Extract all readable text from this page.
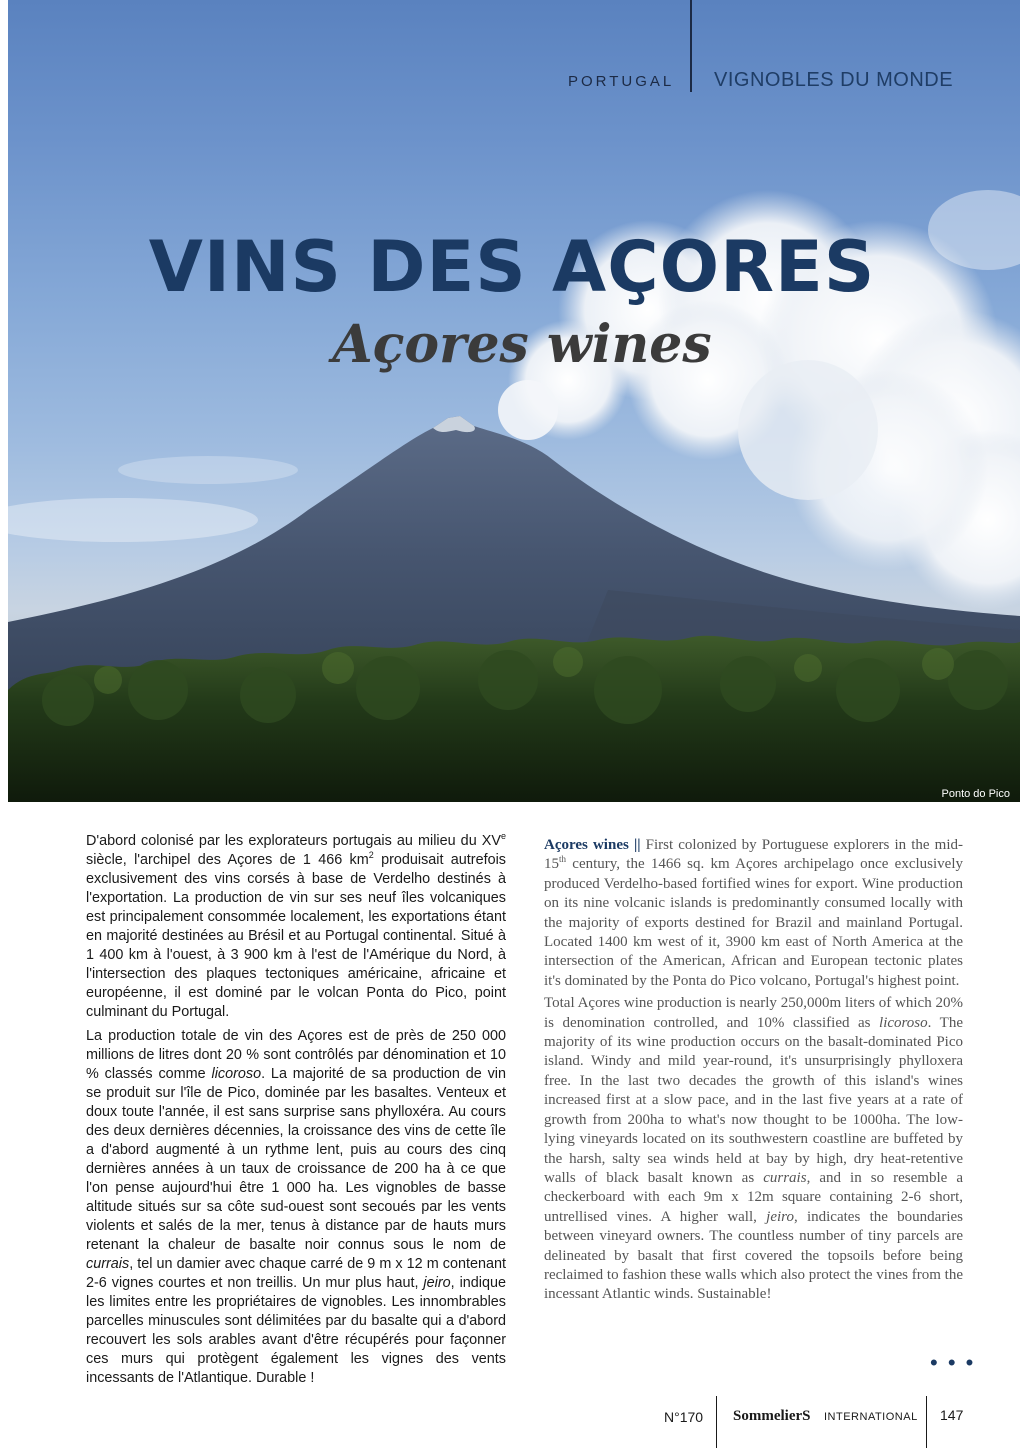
PORTUGAL VIGNOBLES DU MONDE
VINS DES AÇORES
Açores wines
Ponto do Pico

D'abord colonisé par les explorateurs portugais au milieu du XVe siècle, l'archipel des Açores de 1 466 $km^2$ produisait autrefois exclusivement des vins corsés à base de Verdelho destinés à l'exportation. La production de vin sur ses neuf îles volcaniques est principalement consommée localement, les exportations étant en majorité destinées au Brésil et au Portugal continental. Situé à 1 400 km à l'ouest, à 3 900 km à l'est de l'Amérique du Nord, à l'intersection des plaques tectoniques américaine, africaine et européenne, il est dominé par le volcan Ponta do Pico, point culminant du Portugal.

La production totale de vin des Açores est de près de 250 000 millions de litres dont 20 % sont contrôlés par dénomination et 10 % classés comme licoroso. La majorité de sa production de vin se produit sur l'île de Pico, dominée par les basaltes. Venteux et doux toute l'année, il est sans surprise sans phylloxéra. Au cours des deux dernières décennies, la croissance des vins de cette île a d'abord augmenté à un rythme lent, puis au cours des cinq dernières années à un taux de croissance de 200 ha à ce que l'on pense aujourd'hui être 1 000 ha. Les vignobles de basse altitude situés sur sa côte sud-ouest sont secoués par les vents violents et salés de la mer, tenus à distance par de hauts murs retenant la chaleur de basalte noir connus sous le nom de currais, tel un damier avec chaque carré de 9 m x 12 m contenant 2-6 vignes courtes et non treillis. Un mur plus haut, jeiro, indique les limites entre les propriétaires de vignobles. Les innombrables parcelles minuscules sont délimitées par du basalte qui a d'abord recouvert les sols arables avant d'être récupérés pour façonner ces murs qui protègent également les vignes des vents incessants de l'Atlantique. Durable !

Açores wines || First colonized by Portuguese explorers in the mid-15th century, the 1466 sq. km Açores archipelago once exclusively produced Verdelho-based fortified wines for export. Wine production on its nine volcanic islands is predominantly consumed locally with the majority of exports destined for Brazil and mainland Portugal. Located 1400 km west of it, 3900 km east of North America at the intersection of the American, African and European tectonic plates it's dominated by the Ponta do Pico volcano, Portugal's highest point.

Total Açores wine production is nearly 250,000m liters of which 20% is denomination controlled, and 10% classified as licoroso. The majority of its wine production occurs on the basalt-dominated Pico island. Windy and mild year-round, it's unsurprisingly phylloxera free. In the last two decades the growth of this island's wines increased first at a slow pace, and in the last five years at a rate of growth from 200ha to what's now thought to be 1000ha. The low-lying vineyards located on its southwestern coastline are buffeted by the harsh, salty sea winds held at bay by high, dry heat-retentive walls of black basalt known as currais, and in so resemble a checkerboard with each 9m x 12m square containing 2-6 short, untrellised vines. A higher wall, jeiro, indicates the boundaries between vineyard owners. The countless number of tiny parcels are delineated by basalt that first covered the topsoils before being reclaimed to fashion these walls which also protect the vines from the incessant Atlantic winds. Sustainable!

• • •
N°170 SommelierS INTERNATIONAL 147
